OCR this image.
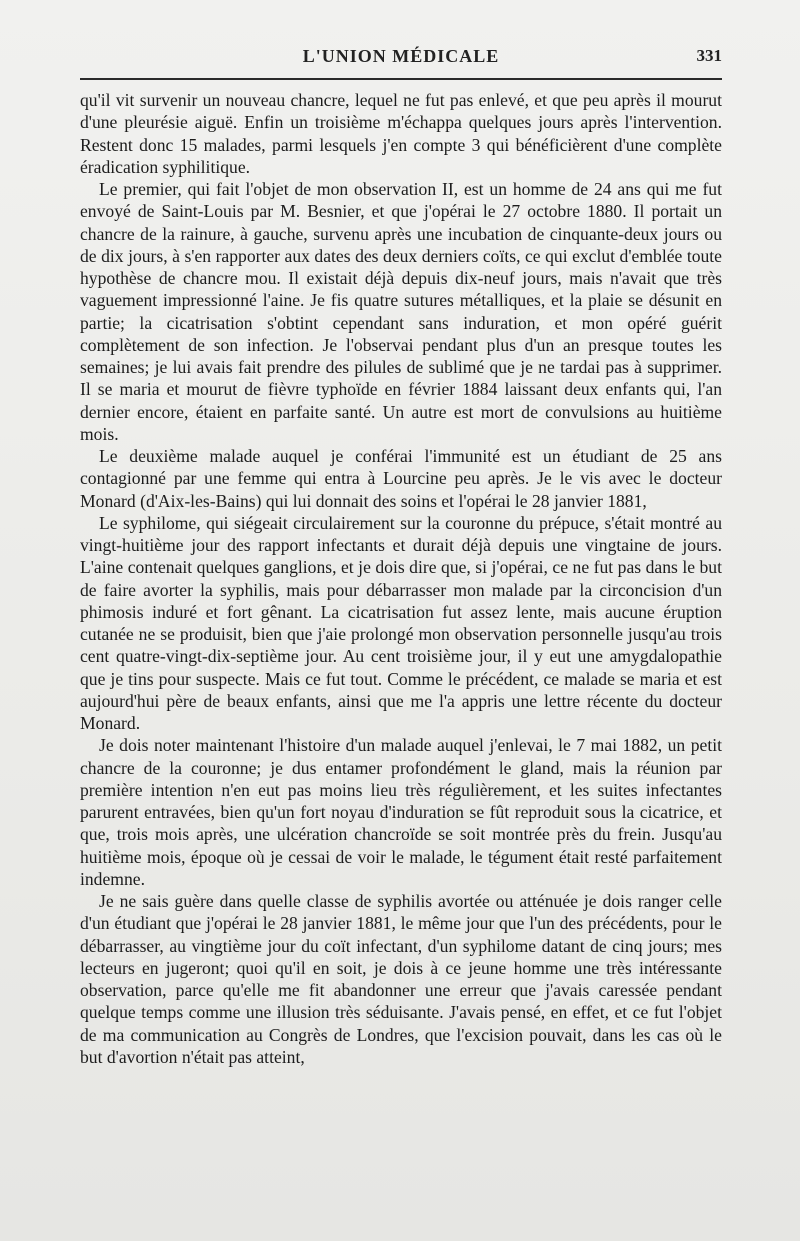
L'UNION MÉDICALE	331

qu'il vit survenir un nouveau chancre, lequel ne fut pas enlevé, et que peu après il mourut d'une pleurésie aiguë. Enfin un troisième m'échappa quelques jours après l'intervention. Restent donc 15 malades, parmi lesquels j'en compte 3 qui bénéficièrent d'une complète éradication syphilitique.

Le premier, qui fait l'objet de mon observation II, est un homme de 24 ans qui me fut envoyé de Saint-Louis par M. Besnier, et que j'opérai le 27 octobre 1880. Il portait un chancre de la rainure, à gauche, survenu après une incubation de cinquante-deux jours ou de dix jours, à s'en rapporter aux dates des deux derniers coïts, ce qui exclut d'emblée toute hypothèse de chancre mou. Il existait déjà depuis dix-neuf jours, mais n'avait que très vaguement impressionné l'aine. Je fis quatre sutures métalliques, et la plaie se désunit en partie; la cicatrisation s'obtint cependant sans induration, et mon opéré guérit complètement de son infection. Je l'observai pendant plus d'un an presque toutes les semaines; je lui avais fait prendre des pilules de sublimé que je ne tardai pas à supprimer. Il se maria et mourut de fièvre typhoïde en février 1884 laissant deux enfants qui, l'an dernier encore, étaient en parfaite santé. Un autre est mort de convulsions au huitième mois.

Le deuxième malade auquel je conférai l'immunité est un étudiant de 25 ans contagionné par une femme qui entra à Lourcine peu après. Je le vis avec le docteur Monard (d'Aix-les-Bains) qui lui donnait des soins et l'opérai le 28 janvier 1881,

Le syphilome, qui siégeait circulairement sur la couronne du prépuce, s'était montré au vingt-huitième jour des rapport infectants et durait déjà depuis une vingtaine de jours. L'aine contenait quelques ganglions, et je dois dire que, si j'opérai, ce ne fut pas dans le but de faire avorter la syphilis, mais pour débarrasser mon malade par la circoncision d'un phimosis induré et fort gênant. La cicatrisation fut assez lente, mais aucune éruption cutanée ne se produisit, bien que j'aie prolongé mon observation personnelle jusqu'au trois cent quatre-vingt-dix-septième jour. Au cent troisième jour, il y eut une amygdalopathie que je tins pour suspecte. Mais ce fut tout. Comme le précédent, ce malade se maria et est aujourd'hui père de beaux enfants, ainsi que me l'a appris une lettre récente du docteur Monard.

Je dois noter maintenant l'histoire d'un malade auquel j'enlevai, le 7 mai 1882, un petit chancre de la couronne; je dus entamer profondément le gland, mais la réunion par première intention n'en eut pas moins lieu très régulièrement, et les suites infectantes parurent entravées, bien qu'un fort noyau d'induration se fût reproduit sous la cicatrice, et que, trois mois après, une ulcération chancroïde se soit montrée près du frein. Jusqu'au huitième mois, époque où je cessai de voir le malade, le tégument était resté parfaitement indemne.

Je ne sais guère dans quelle classe de syphilis avortée ou atténuée je dois ranger celle d'un étudiant que j'opérai le 28 janvier 1881, le même jour que l'un des précédents, pour le débarrasser, au vingtième jour du coït infectant, d'un syphilome datant de cinq jours; mes lecteurs en jugeront; quoi qu'il en soit, je dois à ce jeune homme une très intéressante observation, parce qu'elle me fit abandonner une erreur que j'avais caressée pendant quelque temps comme une illusion très séduisante. J'avais pensé, en effet, et ce fut l'objet de ma communication au Congrès de Londres, que l'excision pouvait, dans les cas où le but d'avortion n'était pas atteint,
